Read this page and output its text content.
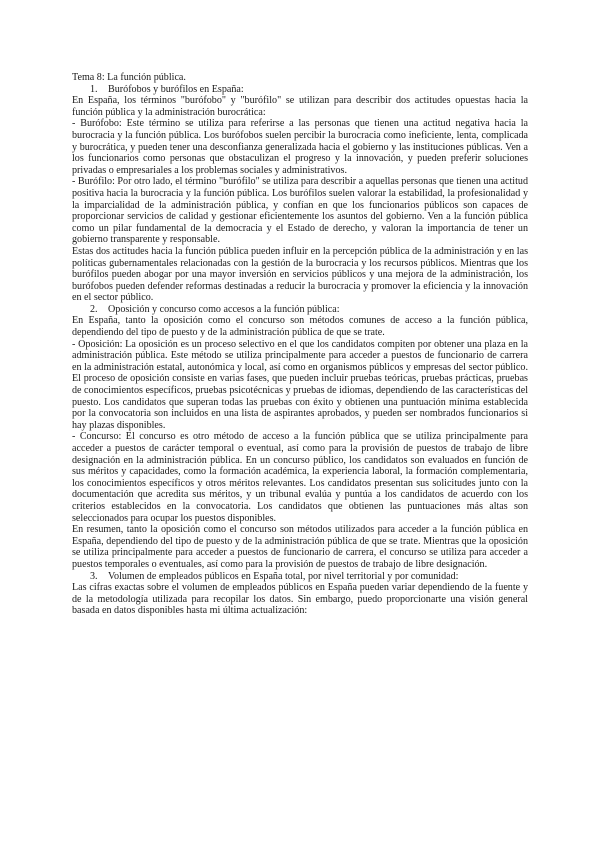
Tema 8: La función pública.

1. Burófobos y burófilos en España:

En España, los términos "burófobo" y "burófilo" se utilizan para describir dos actitudes opuestas hacia la función pública y la administración burocrática:

- Burófobo: Este término se utiliza para referirse a las personas que tienen una actitud negativa hacia la burocracia y la función pública. Los burófobos suelen percibir la burocracia como ineficiente, lenta, complicada y burocrática, y pueden tener una desconfianza generalizada hacia el gobierno y las instituciones públicas. Ven a los funcionarios como personas que obstaculizan el progreso y la innovación, y pueden preferir soluciones privadas o empresariales a los problemas sociales y administrativos.

- Burófilo: Por otro lado, el término "burófilo" se utiliza para describir a aquellas personas que tienen una actitud positiva hacia la burocracia y la función pública. Los burófilos suelen valorar la estabilidad, la profesionalidad y la imparcialidad de la administración pública, y confían en que los funcionarios públicos son capaces de proporcionar servicios de calidad y gestionar eficientemente los asuntos del gobierno. Ven a la función pública como un pilar fundamental de la democracia y el Estado de derecho, y valoran la importancia de tener un gobierno transparente y responsable.

Estas dos actitudes hacia la función pública pueden influir en la percepción pública de la administración y en las políticas gubernamentales relacionadas con la gestión de la burocracia y los recursos públicos. Mientras que los burófilos pueden abogar por una mayor inversión en servicios públicos y una mejora de la administración, los burófobos pueden defender reformas destinadas a reducir la burocracia y promover la eficiencia y la innovación en el sector público.

2. Oposición y concurso como accesos a la función pública:

En España, tanto la oposición como el concurso son métodos comunes de acceso a la función pública, dependiendo del tipo de puesto y de la administración pública de que se trate.

- Oposición: La oposición es un proceso selectivo en el que los candidatos compiten por obtener una plaza en la administración pública. Este método se utiliza principalmente para acceder a puestos de funcionario de carrera en la administración estatal, autonómica y local, así como en organismos públicos y empresas del sector público. El proceso de oposición consiste en varias fases, que pueden incluir pruebas teóricas, pruebas prácticas, pruebas de conocimientos específicos, pruebas psicotécnicas y pruebas de idiomas, dependiendo de las características del puesto. Los candidatos que superan todas las pruebas con éxito y obtienen una puntuación mínima establecida por la convocatoria son incluidos en una lista de aspirantes aprobados, y pueden ser nombrados funcionarios si hay plazas disponibles.

- Concurso: El concurso es otro método de acceso a la función pública que se utiliza principalmente para acceder a puestos de carácter temporal o eventual, así como para la provisión de puestos de trabajo de libre designación en la administración pública. En un concurso público, los candidatos son evaluados en función de sus méritos y capacidades, como la formación académica, la experiencia laboral, la formación complementaria, los conocimientos específicos y otros méritos relevantes. Los candidatos presentan sus solicitudes junto con la documentación que acredita sus méritos, y un tribunal evalúa y puntúa a los candidatos de acuerdo con los criterios establecidos en la convocatoria. Los candidatos que obtienen las puntuaciones más altas son seleccionados para ocupar los puestos disponibles.

En resumen, tanto la oposición como el concurso son métodos utilizados para acceder a la función pública en España, dependiendo del tipo de puesto y de la administración pública de que se trate. Mientras que la oposición se utiliza principalmente para acceder a puestos de funcionario de carrera, el concurso se utiliza para acceder a puestos temporales o eventuales, así como para la provisión de puestos de trabajo de libre designación.

3. Volumen de empleados públicos en España total, por nivel territorial y por comunidad:

Las cifras exactas sobre el volumen de empleados públicos en España pueden variar dependiendo de la fuente y de la metodología utilizada para recopilar los datos. Sin embargo, puedo proporcionarte una visión general basada en datos disponibles hasta mi última actualización:
